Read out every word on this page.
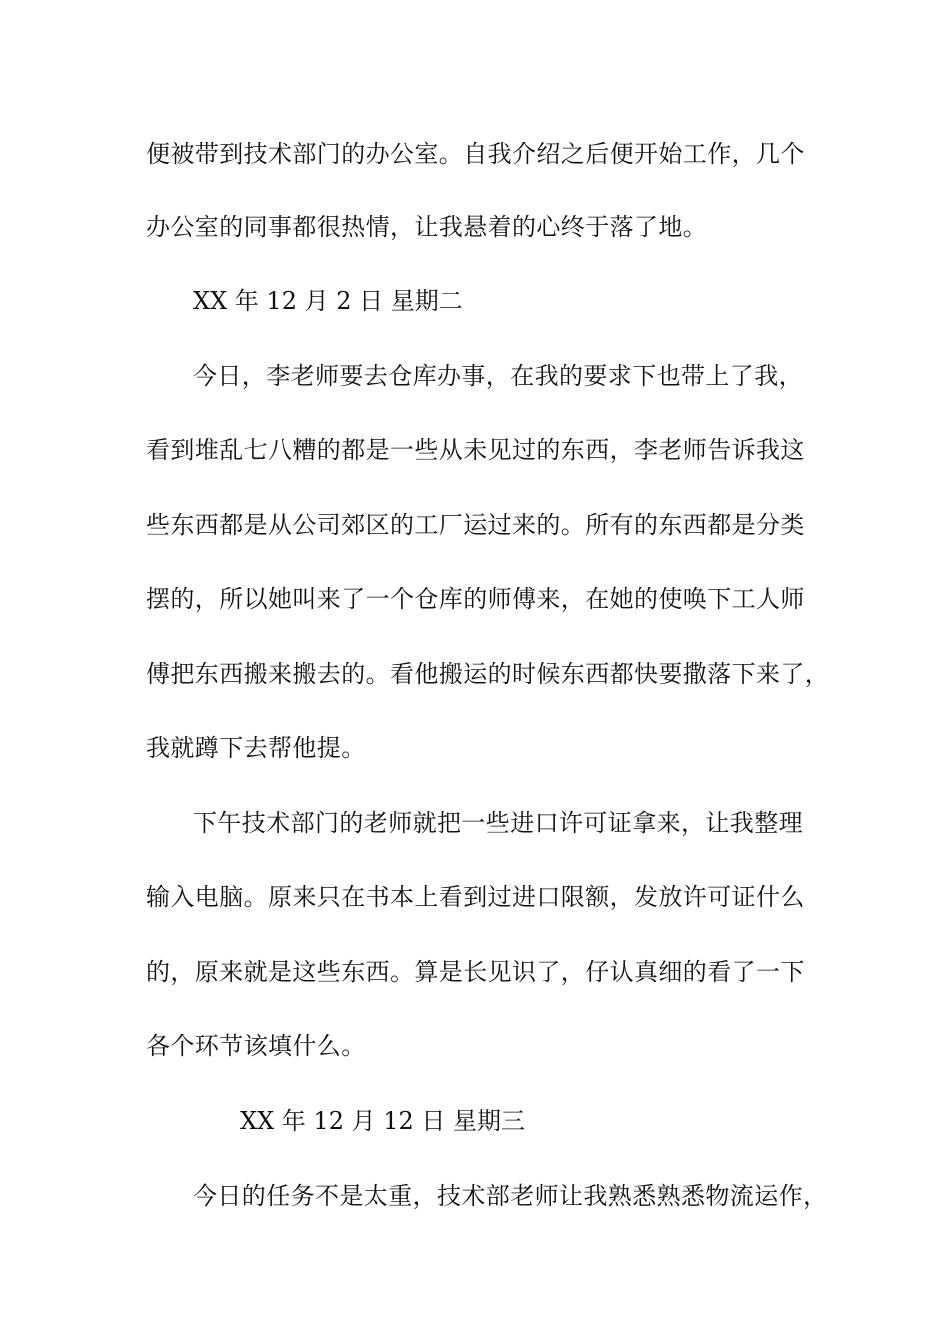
便被带到技术部门的办公室。自我介绍之后便开始工作，几个
办公室的同事都很热情，让我悬着的心终于落了地。
XX 年 12 月 2 日 星期二
今日，李老师要去仓库办事，在我的要求下也带上了我，
看到堆乱七八糟的都是一些从未见过的东西，李老师告诉我这
些东西都是从公司郊区的工厂运过来的。所有的东西都是分类
摆的，所以她叫来了一个仓库的师傅来，在她的使唤下工人师
傅把东西搬来搬去的。看他搬运的时候东西都快要撒落下来了，
我就蹲下去帮他提。
下午技术部门的老师就把一些进口许可证拿来，让我整理
输入电脑。原来只在书本上看到过进口限额，发放许可证什么
的，原来就是这些东西。算是长见识了，仔认真细的看了一下
各个环节该填什么。
XX 年 12 月 12 日 星期三
今日的任务不是太重，技术部老师让我熟悉熟悉物流运作，
